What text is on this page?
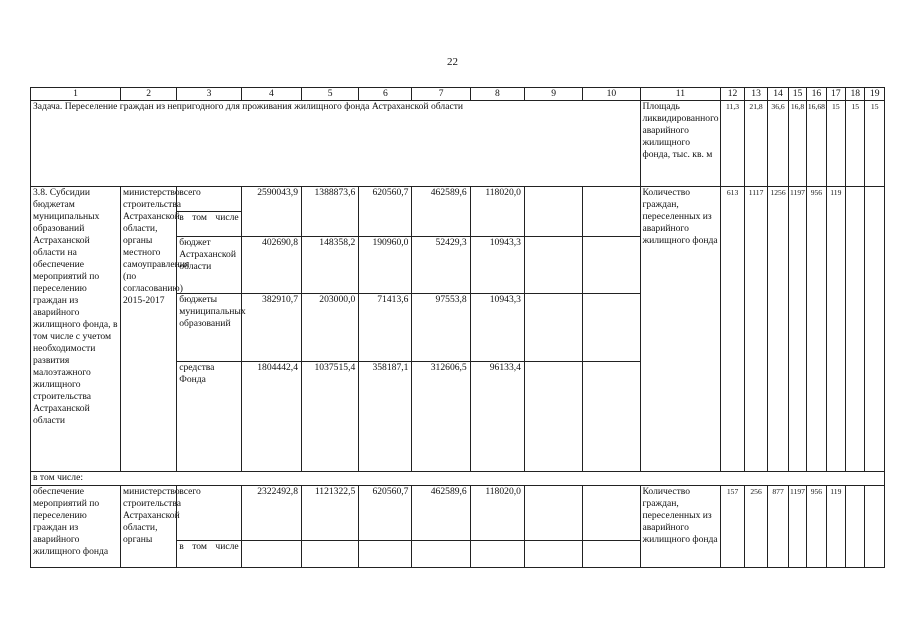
22
1	2	3	4	5	6	7	8	9	10	11	12	13	14	15	16	17	18	19
Задача. Переселение граждан из непригодного для проживания жилищного фонда Астраханской области										Площадь ликвидированного аварийного жилищного фонда, тыс. кв. м	11,3	21,8	36,6	16,8	16,68	15	15	15
3.8. Субсидии бюджетам муниципальных образований Астраханской области на обеспечение мероприятий по переселению граждан из аварийного жилищного фонда, в том числе с учетом необходимости развития малоэтажного жилищного строительства Астраханской области	министерство строительства Астраханской области, органы местного самоуправления (по согласованию) 2015-2017	всего	2590043,9	1388873,6	620560,7	462589,6	118020,0			Количество граждан, переселенных из аварийного жилищного фонда	613	1117	1256	1197	956	119		
		в том числе																
		бюджет Астраханской области	402690,8	148358,2	190960,0	52429,3	10943,3											
		бюджеты муниципальных образований	382910,7	203000,0	71413,6	97553,8	10943,3											
		средства Фонда	1804442,4	1037515,4	358187,1	312606,5	96133,4											
в том числе:																		
обеспечение мероприятий по переселению граждан из аварийного жилищного фонда	министерство строительства Астраханской области, органы	всего	2322492,8	1121322,5	620560,7	462589,6	118020,0			Количество граждан, переселенных из аварийного жилищного фонда	157	256	877	1197	956	119		
		в том числе																
